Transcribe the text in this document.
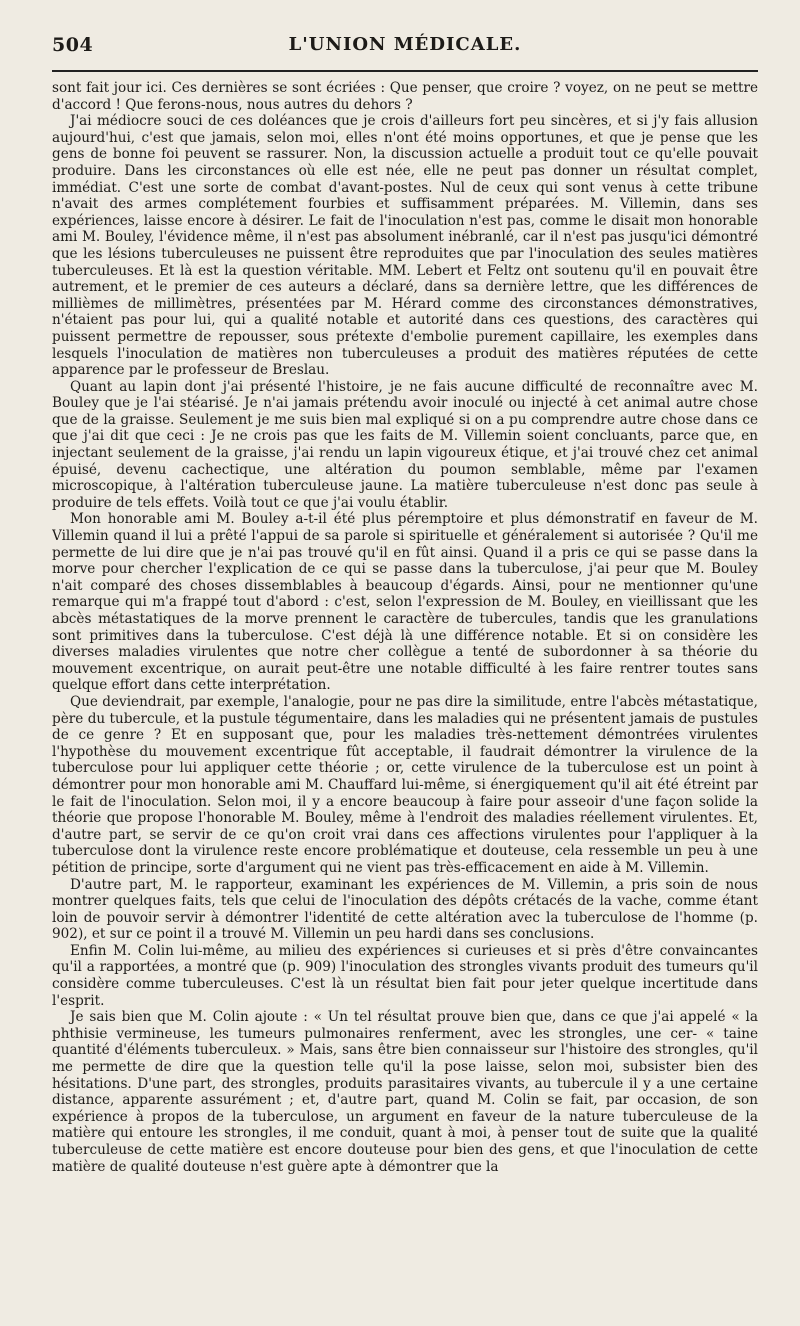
504	L'UNION MÉDICALE.

sont fait jour ici. Ces dernières se sont écriées : Que penser, que croire ? voyez, on ne peut se mettre d'accord ! Que ferons-nous, nous autres du dehors ?

J'ai médiocre souci de ces doléances que je crois d'ailleurs fort peu sincères, et si j'y fais allusion aujourd'hui, c'est que jamais, selon moi, elles n'ont été moins opportunes, et que je pense que les gens de bonne foi peuvent se rassurer. Non, la discussion actuelle a produit tout ce qu'elle pouvait produire. Dans les circonstances où elle est née, elle ne peut pas donner un résultat complet, immédiat. C'est une sorte de combat d'avant-postes. Nul de ceux qui sont venus à cette tribune n'avait des armes complétement fourbies et suffisamment préparées. M. Villemin, dans ses expériences, laisse encore à désirer. Le fait de l'inoculation n'est pas, comme le disait mon honorable ami M. Bouley, l'évidence même, il n'est pas absolument inébranlé, car il n'est pas jusqu'ici démontré que les lésions tuberculeuses ne puissent être reproduites que par l'inoculation des seules matières tuberculeuses. Et là est la question véritable. MM. Lebert et Feltz ont soutenu qu'il en pouvait être autrement, et le premier de ces auteurs a déclaré, dans sa dernière lettre, que les différences de millièmes de millimètres, présentées par M. Hérard comme des circonstances démonstratives, n'étaient pas pour lui, qui a qualité notable et autorité dans ces questions, des caractères qui puissent permettre de repousser, sous prétexte d'embolie purement capillaire, les exemples dans lesquels l'inoculation de matières non tuberculeuses a produit des matières réputées de cette apparence par le professeur de Breslau.

Quant au lapin dont j'ai présenté l'histoire, je ne fais aucune difficulté de reconnaître avec M. Bouley que je l'ai stéarisé. Je n'ai jamais prétendu avoir inoculé ou injecté à cet animal autre chose que de la graisse. Seulement je me suis bien mal expliqué si on a pu comprendre autre chose dans ce que j'ai dit que ceci : Je ne crois pas que les faits de M. Villemin soient concluants, parce que, en injectant seulement de la graisse, j'ai rendu un lapin vigoureux étique, et j'ai trouvé chez cet animal épuisé, devenu cachectique, une altération du poumon semblable, même par l'examen microscopique, à l'altération tuberculeuse jaune. La matière tuberculeuse n'est donc pas seule à produire de tels effets. Voilà tout ce que j'ai voulu établir.

Mon honorable ami M. Bouley a-t-il été plus péremptoire et plus démonstratif en faveur de M. Villemin quand il lui a prêté l'appui de sa parole si spirituelle et généralement si autorisée ? Qu'il me permette de lui dire que je n'ai pas trouvé qu'il en fût ainsi. Quand il a pris ce qui se passe dans la morve pour chercher l'explication de ce qui se passe dans la tuberculose, j'ai peur que M. Bouley n'ait comparé des choses dissemblables à beaucoup d'égards. Ainsi, pour ne mentionner qu'une remarque qui m'a frappé tout d'abord : c'est, selon l'expression de M. Bouley, en vieillissant que les abcès métastatiques de la morve prennent le caractère de tubercules, tandis que les granulations sont primitives dans la tuberculose. C'est déjà là une différence notable. Et si on considère les diverses maladies virulentes que notre cher collègue a tenté de subordonner à sa théorie du mouvement excentrique, on aurait peut-être une notable difficulté à les faire rentrer toutes sans quelque effort dans cette interprétation.

Que deviendrait, par exemple, l'analogie, pour ne pas dire la similitude, entre l'abcès métastatique, père du tubercule, et la pustule tégumentaire, dans les maladies qui ne présentent jamais de pustules de ce genre ? Et en supposant que, pour les maladies très-nettement démontrées virulentes l'hypothèse du mouvement excentrique fût acceptable, il faudrait démontrer la virulence de la tuberculose pour lui appliquer cette théorie ; or, cette virulence de la tuberculose est un point à démontrer pour mon honorable ami M. Chauffard lui-même, si énergiquement qu'il ait été étreint par le fait de l'inoculation. Selon moi, il y a encore beaucoup à faire pour asseoir d'une façon solide la théorie que propose l'honorable M. Bouley, même à l'endroit des maladies réellement virulentes. Et, d'autre part, se servir de ce qu'on croit vrai dans ces affections virulentes pour l'appliquer à la tuberculose dont la virulence reste encore problématique et douteuse, cela ressemble un peu à une pétition de principe, sorte d'argument qui ne vient pas très-efficacement en aide à M. Villemin.

D'autre part, M. le rapporteur, examinant les expériences de M. Villemin, a pris soin de nous montrer quelques faits, tels que celui de l'inoculation des dépôts crétacés de la vache, comme étant loin de pouvoir servir à démontrer l'identité de cette altération avec la tuberculose de l'homme (p. 902), et sur ce point il a trouvé M. Villemin un peu hardi dans ses conclusions.

Enfin M. Colin lui-même, au milieu des expériences si curieuses et si près d'être convaincantes qu'il a rapportées, a montré que (p. 909) l'inoculation des strongles vivants produit des tumeurs qu'il considère comme tuberculeuses. C'est là un résultat bien fait pour jeter quelque incertitude dans l'esprit.

Je sais bien que M. Colin ajoute : « Un tel résultat prouve bien que, dans ce que j'ai appelé « la phthisie vermineuse, les tumeurs pulmonaires renferment, avec les strongles, une cer- « taine quantité d'éléments tuberculeux. » Mais, sans être bien connaisseur sur l'histoire des strongles, qu'il me permette de dire que la question telle qu'il la pose laisse, selon moi, subsister bien des hésitations. D'une part, des strongles, produits parasitaires vivants, au tubercule il y a une certaine distance, apparente assurément ; et, d'autre part, quand M. Colin se fait, par occasion, de son expérience à propos de la tuberculose, un argument en faveur de la nature tuberculeuse de la matière qui entoure les strongles, il me conduit, quant à moi, à penser tout de suite que la qualité tuberculeuse de cette matière est encore douteuse pour bien des gens, et que l'inoculation de cette matière de qualité douteuse n'est guère apte à démontrer que la
